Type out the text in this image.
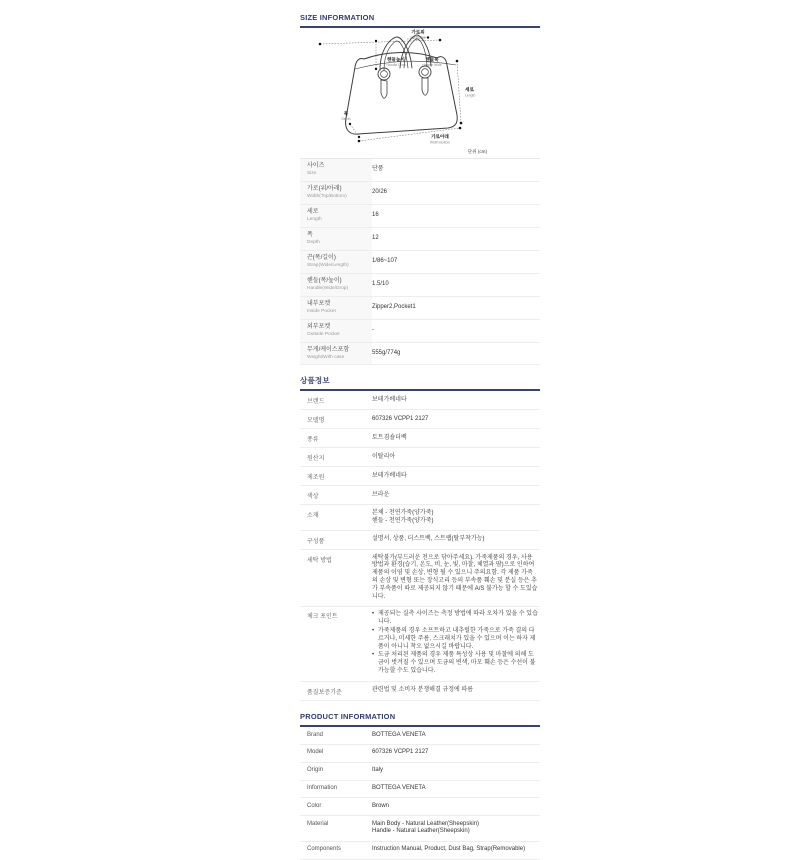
SIZE INFORMATION
가로위
Width Top
핸들높이
Handle Drop
핸들폭
Handle Wide
세로
Length
폭
Depth
가로아래
Width Bottom
단위 (cm)
사이즈
Size
	단품

가로(위/아래)
Width(Top/Bottom)
	20/26

세로
Length
	16

폭
Depth
	12

끈(폭/길이)
Strap(Wide/Length)
	1/86~107

핸들(폭/높이)
Handle(Wide/Drop)
	1.5/10

내부포켓
Inside Pocket
	Zipper2,Pocket1

외부포켓
Outside Pocket
	-

무게/케이스포함
Weight/With case
	555g/774g
상품정보
브랜드	보테가베네타
모델명	607326 VCPP1 2127
종류	토트겸숄더백
원산지	이탈리아
제조원	보테가베네타
색상	브라운
소재	본체 - 천연가죽(양가죽)
핸들 - 천연가죽(양가죽)

구성품	설명서, 상품, 더스트백, 스트랩(탈부착가능)
세탁 방법	세탁불가(부드러운 천으로 닦아주세요). 가죽제품의 경우, 사용방법과 환경(습기, 온도, 비, 눈, 빛, 마찰, 체열과 땀)으로 인하여 제품의 이염 및 손상, 변형 될 수 있으니 주의요함. 각 제품 가죽의 손상 및 변형 또는 장식고리 등의 부속품 훼손 및 분실 등은 추가 부속품이 따로 제공되지 않기 때문에 A/S 불가능 할 수 도있습니다.
체크 포인트	• 제공되는 실측 사이즈는 측정 방법에 따라 오차가 있을 수 있습니다.
• 가죽제품의 경우 소프트하고 내추럴한 가죽으로 가죽 결의 다르거나, 미세한 주름, 스크래치가 있을 수 있으며 이는 하자 제품이 아니니 착오 없으시길 바랍니다.
• 도금 처리된 제품의 경우 제품 특성상 사용 및 마찰에 의해 도금이 벗겨질 수 있으며 도금의 변색, 마모 훼손 등은 수선이 불가능할 수도 있습니다.

품질보증기준	관련법 및 소비자 분쟁해결 규정에 따름
PRODUCT INFORMATION
Brand	BOTTEGA VENETA
Model	607326 VCPP1 2127
Origin	Italy
Information	BOTTEGA VENETA
Color	Brown
Material	Main Body - Natural Leather(Sheepskin)
Handle - Natural Leather(Sheepskin)

Components	Instruction Manual, Product, Dust Bag, Strap(Removable)
